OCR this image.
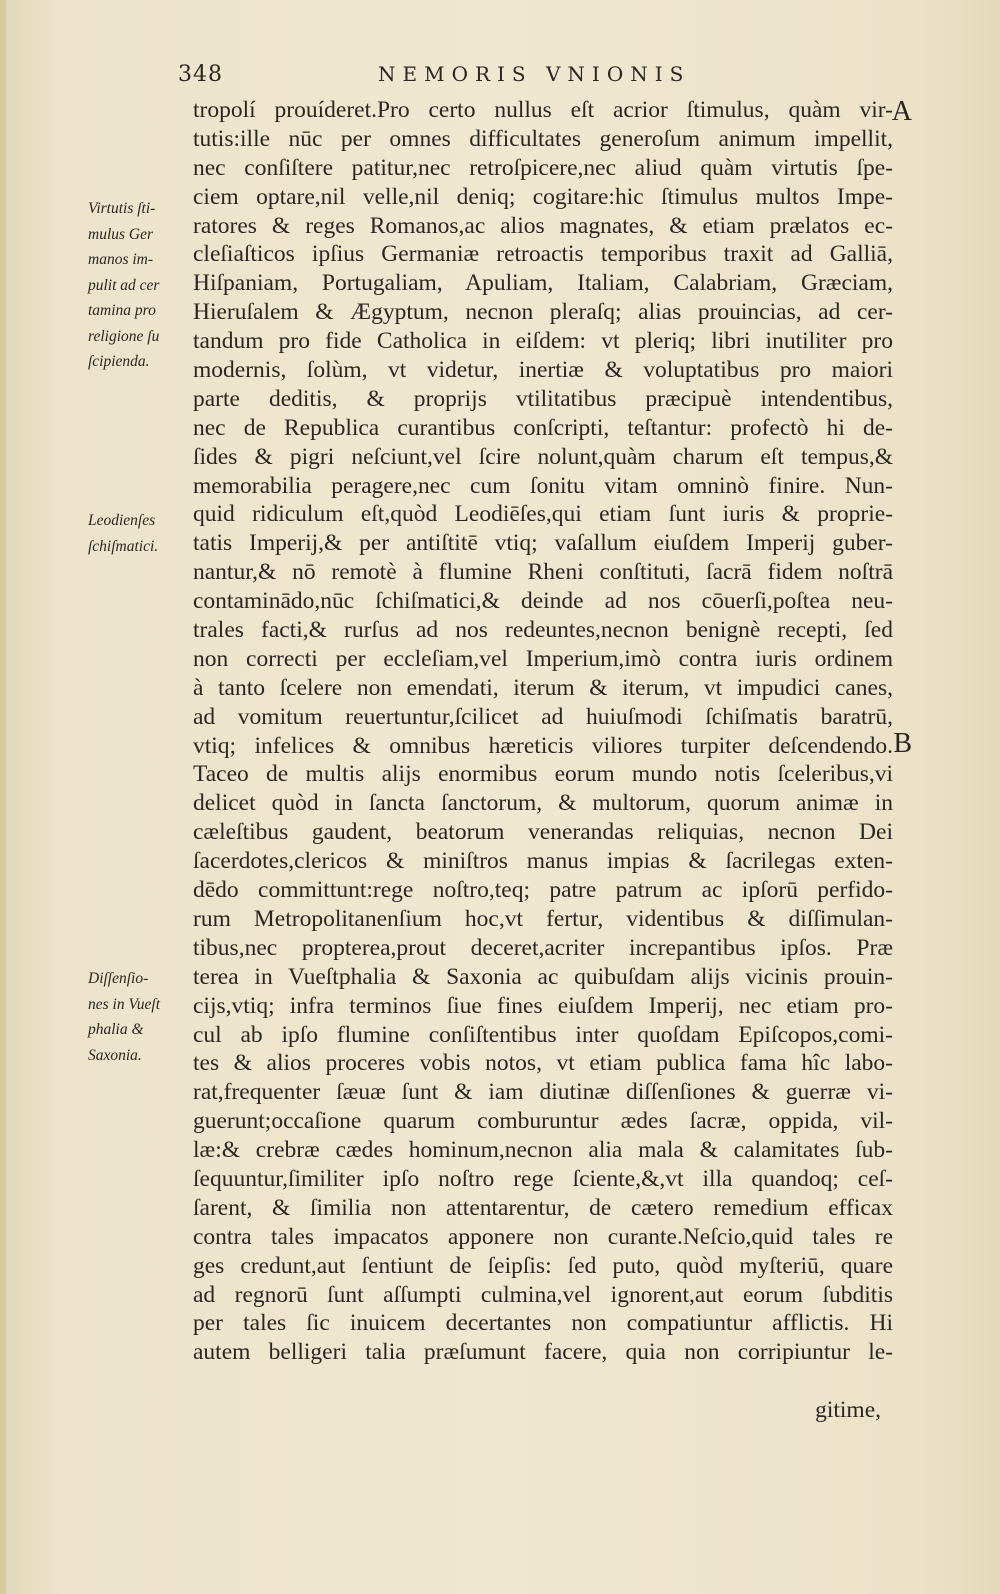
348	NEMORIS VNIONIS
A
B
Virtutis ſti-
mulus Ger
manos im-
pulit ad cer
tamina pro
religione ſu
ſcipienda.
Leodienſes
ſchiſmatici.
Diſſenſio-
nes in Vueſt
phalia &
Saxonia.
tropolí prouíderet.Pro certo nullus eſt acrior ſtimulus, quàm vir-
tutis:ille nūc per omnes difficultates generoſum animum impellit,
nec conſiſtere patitur,nec retroſpicere,nec aliud quàm virtutis ſpe-
ciem optare,nil velle,nil deniq; cogitare:hic ſtimulus multos Impe-
ratores & reges Romanos,ac alios magnates, & etiam prælatos ec-
cleſiaſticos ipſius Germaniæ retroactis temporibus traxit ad Galliā,
Hiſpaniam, Portugaliam, Apuliam, Italiam, Calabriam, Græciam,
Hieruſalem & Ægyptum, necnon pleraſq; alias prouincias, ad cer-
tandum pro fide Catholica in eiſdem: vt pleriq; libri inutiliter pro
modernis, ſolùm, vt videtur, inertiæ & voluptatibus pro maiori
parte deditis, & proprijs vtilitatibus præcipuè intendentibus,
nec de Republica curantibus conſcripti, teſtantur: profectò hi de-
ſides & pigri neſciunt,vel ſcire nolunt,quàm charum eſt tempus,&
memorabilia peragere,nec cum ſonitu vitam omninò finire. Nun-
quid ridiculum eſt,quòd Leodiēſes,qui etiam ſunt iuris & proprie-
tatis Imperij,& per antiſtitē vtiq; vaſallum eiuſdem Imperij guber-
nantur,& nō remotè à flumine Rheni conſtituti, ſacrā fidem noſtrā
contaminādo,nūc ſchiſmatici,& deinde ad nos cōuerſi,poſtea neu-
trales facti,& rurſus ad nos redeuntes,necnon benignè recepti, ſed
non correcti per eccleſiam,vel Imperium,imò contra iuris ordinem
à tanto ſcelere non emendati, iterum & iterum, vt impudici canes,
ad vomitum reuertuntur,ſcilicet ad huiuſmodi ſchiſmatis baratrū,
vtiq; infelices & omnibus hæreticis viliores turpiter deſcendendo.
Taceo de multis alijs enormibus eorum mundo notis ſceleribus,vi
delicet quòd in ſancta ſanctorum, & multorum, quorum animæ in
cæleſtibus gaudent, beatorum venerandas reliquias, necnon Dei
ſacerdotes,clericos & miniſtros manus impias & ſacrilegas exten-
dēdo committunt:rege noſtro,teq; patre patrum ac ipſorū perfido-
rum Metropolitanenſium hoc,vt fertur, videntibus & diſſimulan-
tibus,nec propterea,prout deceret,acriter increpantibus ipſos. Præ
terea in Vueſtphalia & Saxonia ac quibuſdam alijs vicinis prouin-
cijs,vtiq; infra terminos ſiue fines eiuſdem Imperij, nec etiam pro-
cul ab ipſo flumine conſiſtentibus inter quoſdam Epiſcopos,comi-
tes & alios proceres vobis notos, vt etiam publica fama hîc labo-
rat,frequenter ſæuæ ſunt & iam diutinæ diſſenſiones & guerræ vi-
guerunt;occaſione quarum comburuntur ædes ſacræ, oppida, vil-
læ:& crebræ cædes hominum,necnon alia mala & calamitates ſub-
ſequuntur,ſimiliter ipſo noſtro rege ſciente,&,vt illa quandoq; ceſ-
ſarent, & ſimilia non attentarentur, de cætero remedium efficax
contra tales impacatos apponere non curante.Neſcio,quid tales re
ges credunt,aut ſentiunt de ſeipſis: ſed puto, quòd myſteriū, quare
ad regnorū ſunt aſſumpti culmina,vel ignorent,aut eorum ſubditis
per tales ſic inuicem decertantes non compatiuntur afflictis. Hi
autem belligeri talia præſumunt facere, quia non corripiuntur le-
gitime,
